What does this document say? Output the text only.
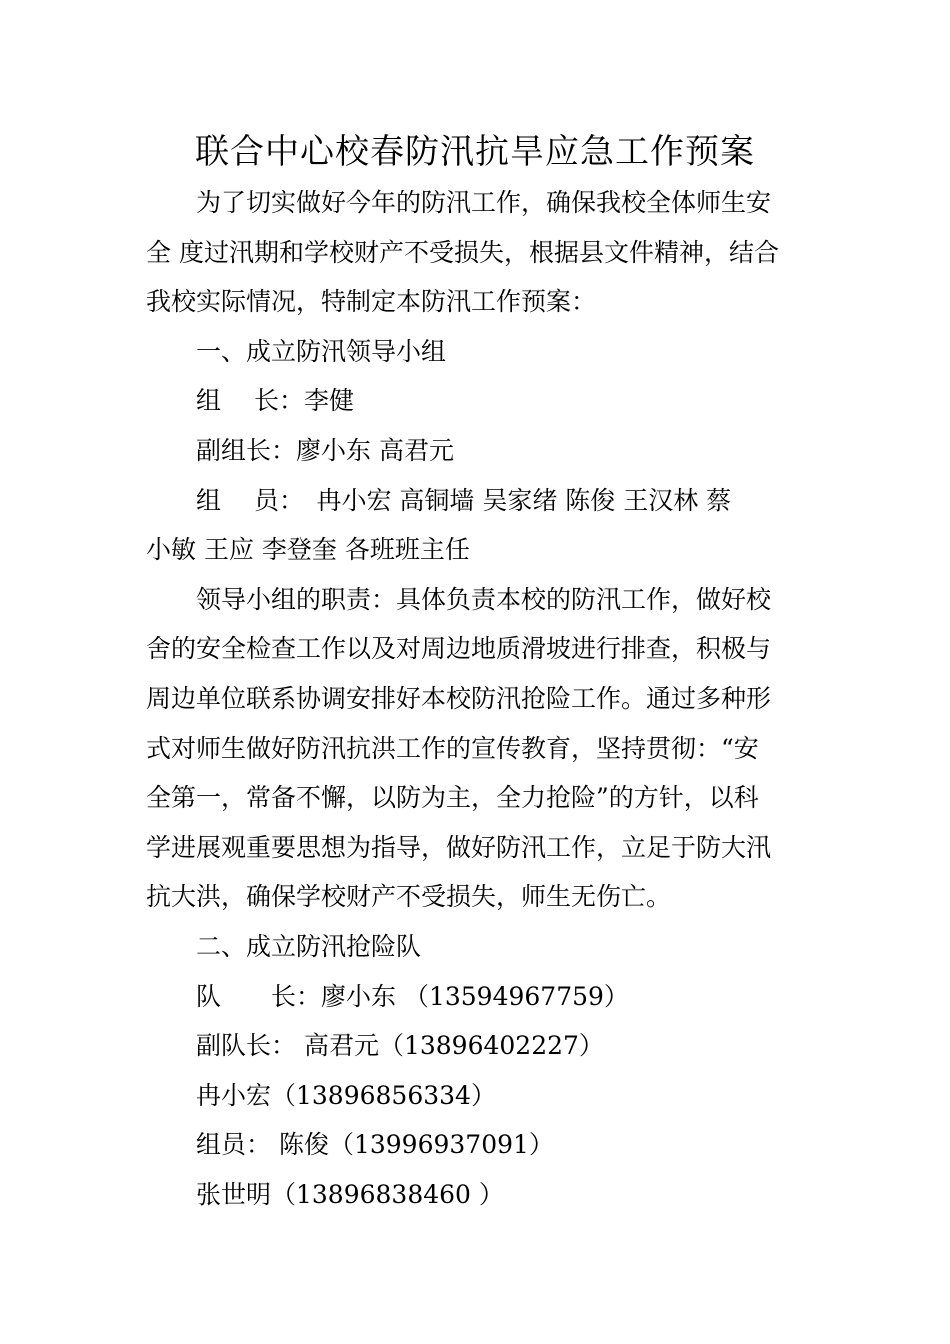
联合中心校春防汛抗旱应急工作预案

为了切实做好今年的防汛工作，确保我校全体师生安

全 度过汛期和学校财产不受损失，根据县文件精神，结合

我校实际情况，特制定本防汛工作预案：

一、成立防汛领导小组

组　 长：李健

副组长：廖小东 高君元

组　 员：　冉小宏 高铜墙 吴家绪 陈俊 王汉林 蔡

小敏 王应 李登奎 各班班主任

领导小组的职责：具体负责本校的防汛工作，做好校

舍的安全检查工作以及对周边地质滑坡进行排查，积极与

周边单位联系协调安排好本校防汛抢险工作。通过多种形

式对师生做好防汛抗洪工作的宣传教育，坚持贯彻：“安

全第一，常备不懈，以防为主，全力抢险”的方针，以科

学进展观重要思想为指导，做好防汛工作，立足于防大汛

抗大洪，确保学校财产不受损失，师生无伤亡。

二、成立防汛抢险队

队　　长：廖小东 （13594967759）

副队长： 高君元（13896402227）

冉小宏（13896856334）

组员： 陈俊（13996937091）

张世明（13896838460 ）
